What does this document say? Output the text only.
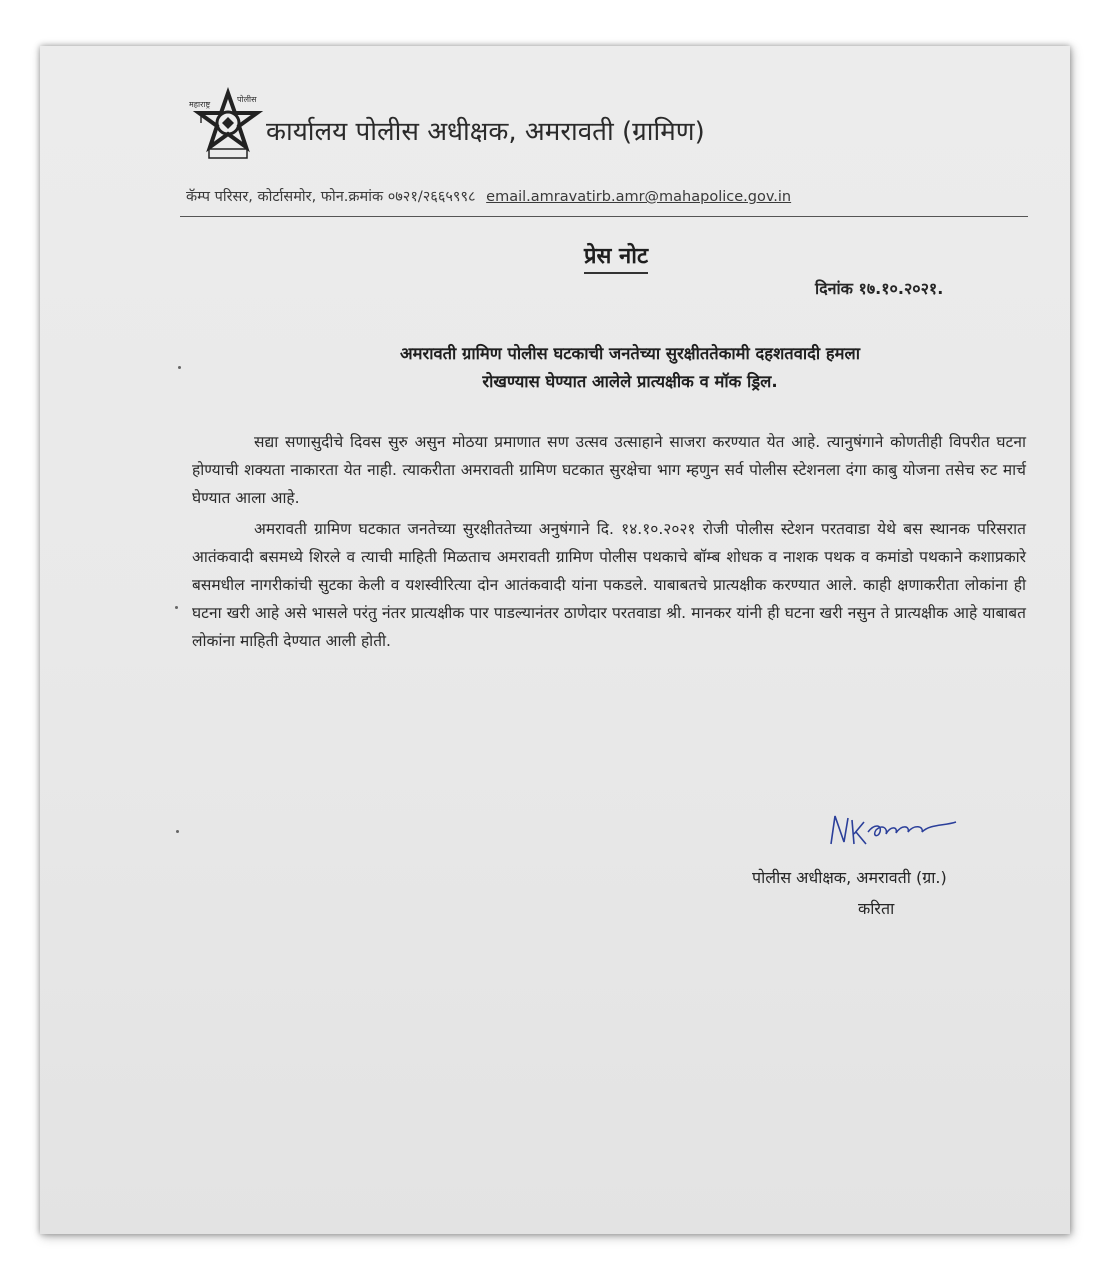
महाराष्ट्र
पोलीस
कार्यालय पोलीस अधीक्षक, अमरावती (ग्रामिण)
कॅम्प परिसर, कोर्टासमोर, फोन.क्रमांक ०७२१/२६६५९९८ email.amravatirb.amr@mahapolice.gov.in
प्रेस नोट
दिनांक १७.१०.२०२१.
अमरावती ग्रामिण पोलीस घटकाची जनतेच्या सुरक्षीततेकामी दहशतवादी हमला
रोखण्यास घेण्यात आलेले प्रात्यक्षीक व मॉक ड्रिल.

सद्या सणासुदीचे दिवस सुरु असुन मोठया प्रमाणात सण उत्सव उत्साहाने साजरा करण्यात येत आहे. त्यानुषंगाने कोणतीही विपरीत घटना होण्याची शक्यता नाकारता येत नाही. त्याकरीता अमरावती ग्रामिण घटकात सुरक्षेचा भाग म्हणुन सर्व पोलीस स्टेशनला दंगा काबु योजना तसेच रुट मार्च घेण्यात आला आहे.

अमरावती ग्रामिण घटकात जनतेच्या सुरक्षीततेच्या अनुषंगाने दि. १४.१०.२०२१ रोजी पोलीस स्टेशन परतवाडा येथे बस स्थानक परिसरात आतंकवादी बसमध्ये शिरले व त्याची माहिती मिळताच अमरावती ग्रामिण पोलीस पथकाचे बॉम्ब शोधक व नाशक पथक व कमांडो पथकाने कशाप्रकारे बसमधील नागरीकांची सुटका केली व यशस्वीरित्या दोन आतंकवादी यांना पकडले. याबाबतचे प्रात्यक्षीक करण्यात आले. काही क्षणाकरीता लोकांना ही घटना खरी आहे असे भासले परंतु नंतर प्रात्यक्षीक पार पाडल्यानंतर ठाणेदार परतवाडा श्री. मानकर यांनी ही घटना खरी नसुन ते प्रात्यक्षीक आहे याबाबत लोकांना माहिती देण्यात आली होती.

पोलीस अधीक्षक, अमरावती (ग्रा.)
करिता
